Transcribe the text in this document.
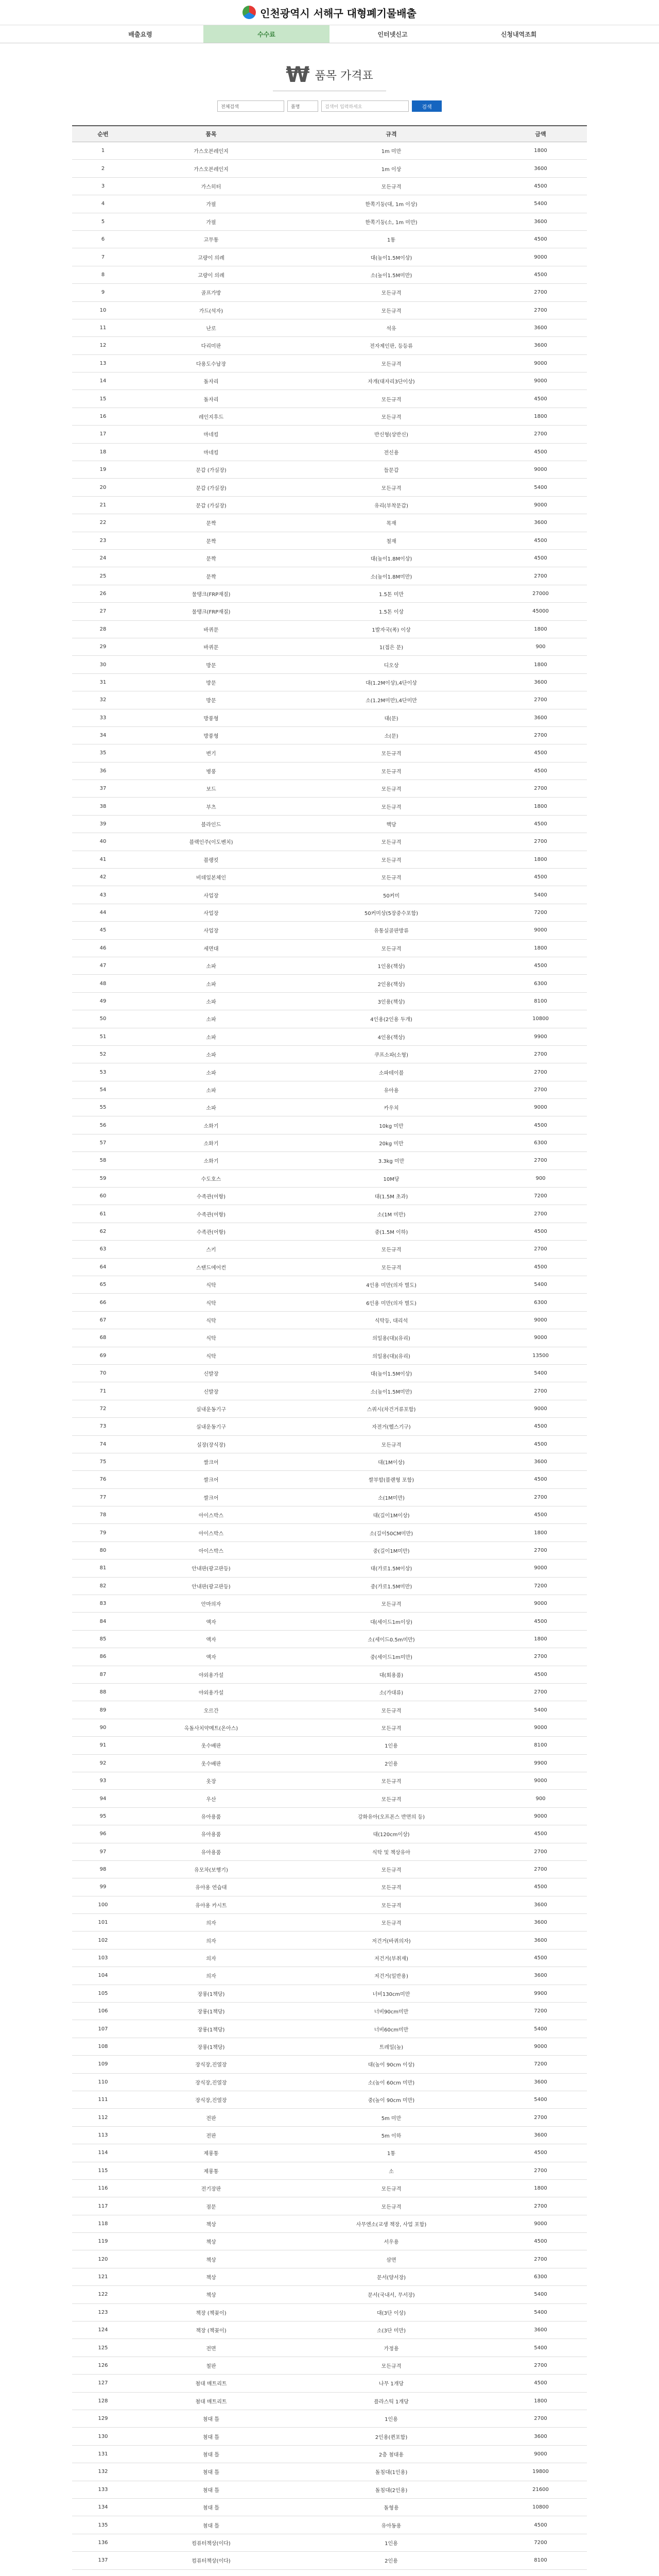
인천광역시 서해구 대형폐기물배출
배출요령	수수료	인터넷신고	신청내역조회
₩ 품목 가격표
전체검색	품명	검색어 입력하세요	검색
순번	품목	규격	금액
1	가스오븐레인지	1m 미만	1800
2	가스오븐레인지	1m 이상	3600
3	가스히터	모든규격	4500
4	가필	한쪽기둥(대, 1m 이상)	5400
5	가필	한쪽기둥(소, 1m 미만)	3600
6	고무통	1통	4500
7	고량이 의례	대(높이1.5M이상)	9000
8	고량이 의례	소(높이1.5M미만)	4500
9	골프가방	모든규격	2700
10	가드(석자)	모든규격	2700
11	난로	석유	3600
12	다리미판	전자제인판, 등등류	3600
13	다용도수납장	모든규격	9000
14	돌자리	자개(대자리3단이상)	9000
15	돌자리	모든규격	4500
16	레인지후드	모든규격	1800
17	마네킹	반신형(상반신)	2700
18	마네킹	전신용	4500
19	문갑 (가실장)	들문갑	9000
20	문갑 (가실장)	모든규격	5400
21	문갑 (가실장)	유리(부착문갑)	9000
22	문짝	목재	3600
23	문짝	철재	4500
24	문짝	대(높이1.8M이상)	4500
25	문짝	소(높이1.8M미만)	2700
26	물탱크(FRP재질)	1.5톤 미만	27000
27	물탱크(FRP재질)	1.5톤 이상	45000
28	바퀴문	1발자국(폭) 이상	1800
29	바퀴문	1(접은 문)	900
30	방문	디오상	1800
31	방문	대(1.2M이상),4단이상	3600
32	방문	소(1.2M미만),4단미만	2700
33	방풍형	대(문)	3600
34	방풍형	소(문)	2700
35	변기	모든규격	4500
36	병풍	모든규격	4500
37	보드	모든규격	2700
38	부츠	모든규격	1800
39	블라인드	핵당	4500
40	블랙인주(이도벤치)	모든규격	2700
41	블랭킷	모든규격	1800
42	비데일본체인	모든규격	4500
43	사업장	50커미	5400
44	사업장	50커미상(5장중수포함)	7200
45	사업장	유통실골판방류	9000
46	세면대	모든규격	1800
47	소파	1인용(책상)	4500
48	소파	2인용(책상)	6300
49	소파	3인용(책상)	8100
50	소파	4인용(2인용 두개)	10800
51	소파	4인용(책상)	9900
52	소파	쿠프소파(소형)	2700
53	소파	소파테이블	2700
54	소파	유아용	2700
55	소파	카우치	9000
56	소화기	10kg 미만	4500
57	소화기	20kg 미만	6300
58	소화기	3.3kg 미만	2700
59	수도호스	10M당	900
60	수족관(어항)	대(1.5M 초과)	7200
61	수족관(어항)	소(1M 미만)	2700
62	수족관(어항)	중(1.5M 이하)	4500
63	스키	모든규격	2700
64	스탠드에어컨	모든규격	4500
65	식탁	4인용 미만(의자 별도)	5400
66	식탁	6인용 미만(의자 별도)	6300
67	식탁	식탁등, 대리석	9000
68	식탁	의일용(대)(유리)	9000
69	식탁	의일용(대)(유리)	13500
70	신발장	대(높이1.5M이상)	5400
71	신발장	소(높이1.5M미만)	2700
72	실내운동기구	스쿼시(차건거류포함)	9000
73	실내운동기구	자전거(헬스기구)	4500
74	실장(장식장)	모든규격	4500
75	쌀크어	대(1M이상)	3600
76	쌀크어	쌀부합(블랜형 포함)	4500
77	쌀크어	소(1M미만)	2700
78	아이스박스	대(길이1M이상)	4500
79	아이스박스	소(길이50CM미만)	1800
80	아이스박스	중(길이1M미만)	2700
81	안내판(광고판등)	대(가로1.5M이상)	9000
82	안내판(광고판등)	중(가로1.5M미만)	7200
83	안마의자	모든규격	9000
84	액자	대(세이드1m이상)	4500
85	액자	소(세이드0.5m미만)	1800
86	액자	중(세이드1m미만)	2700
87	야외용가설	대(회용품)	4500
88	야외용가설	소(가대류)	2700
89	오르간	모든규격	5400
90	옥돌사치약메트(온아스)	모든규격	9000
91	옷수배판	1인용	8100
92	옷수배판	2인용	9900
93	옷장	모든규격	9000
94	우산	모든규격	900
95	유아용품	강화유아(오프폰스 반면의 등)	9000
96	유아용품	대(120cm이상)	4500
97	유아용품	식탁 및 책상유아	2700
98	유모차(보행기)	모든규격	2700
99	유아용 연습대	모든규격	4500
100	유아용 카시트	모든규격	3600
101	의자	모든규격	3600
102	의자	저건거(바퀴의자)	3600
103	의자	저건거(부취재)	4500
104	의자	저건거(일반용)	3600
105	장롱(1책당)	너비130cm미만	9900
106	장롱(1책당)	너비90cm미만	7200
107	장롱(1책당)	너비60cm미만	5400
108	장롱(1책당)	트레일(높)	9000
109	장식장,진열장	대(높이 90cm 이상)	7200
110	장식장,진열장	소(높이 60cm 미만)	3600
111	장식장,진열장	중(높이 90cm 미만)	5400
112	전판	5m 미만	2700
113	전판	5m 이하	3600
114	제롱통	1통	4500
115	제롱통	소	2700
116	전기장판	모든규격	1800
117	점문	모든규격	2700
118	책상	사무엔소(교생 책장, 사업 포함)	9000
119	책상	서우용	4500
120	책상	삼면	2700
121	책상	문서(양서장)	6300
122	책상	문서(국내서, 무서장)	5400
123	책장 (책꽂이)	대(3단 이상)	5400
124	책장 (책꽂이)	소(3단 미만)	3600
125	전면	가정용	5400
126	철판	모든규격	2700
127	첨대 매트리트	나무 1개당	4500
128	첨대 매트리트	플라스틱 1개당	1800
129	첨대 틀	1인용	2700
130	첨대 틀	2인용(퀸포함)	3600
131	첨대 틀	2층 첨대용	9000
132	첨대 틀	돌침대(1인용)	19800
133	첨대 틀	돌침대(2인용)	21600
134	첨대 틀	돌형용	10800
135	첨대 틀	유아동용	4500
136	컴퓨터책상(이다)	1인용	7200
137	컴퓨터책상(이다)	2인용	8100
